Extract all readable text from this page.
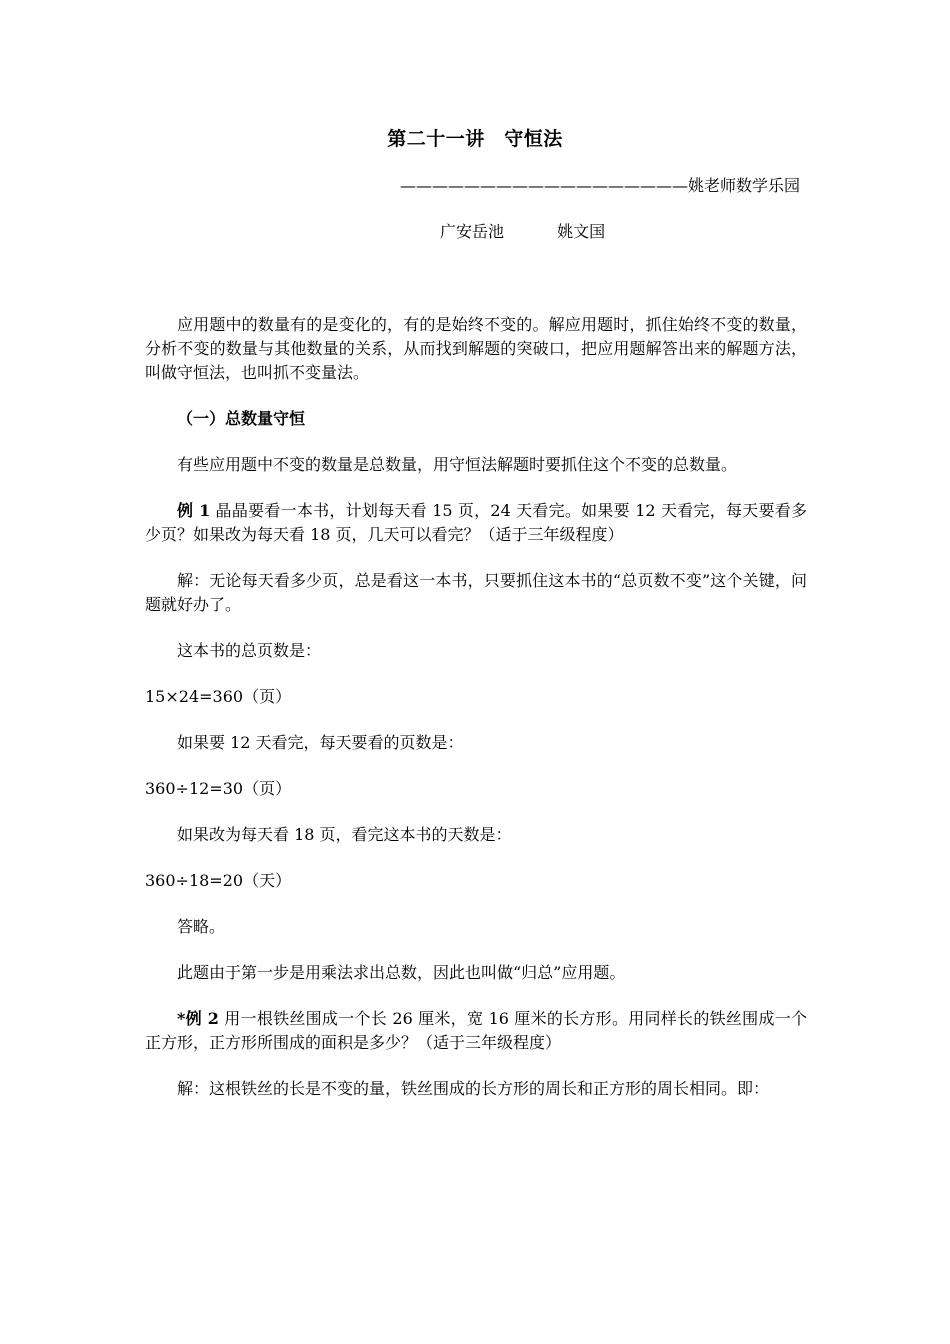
第二十一讲　守恒法
——————————————————姚老师数学乐园
广安岳池	姚文国

应用题中的数量有的是变化的，有的是始终不变的。解应用题时，抓住始终不变的数量，分析不变的数量与其他数量的关系，从而找到解题的突破口，把应用题解答出来的解题方法，叫做守恒法，也叫抓不变量法。

（一）总数量守恒

有些应用题中不变的数量是总数量，用守恒法解题时要抓住这个不变的总数量。

例 1 晶晶要看一本书，计划每天看 15 页，24 天看完。如果要 12 天看完，每天要看多少页？如果改为每天看 18 页，几天可以看完？（适于三年级程度）

解：无论每天看多少页，总是看这一本书，只要抓住这本书的“总页数不变”这个关键，问题就好办了。

这本书的总页数是：

15×24=360（页）

如果要 12 天看完，每天要看的页数是：

360÷12=30（页）

如果改为每天看 18 页，看完这本书的天数是：

360÷18=20（天）

答略。

此题由于第一步是用乘法求出总数，因此也叫做“归总”应用题。

*例 2 用一根铁丝围成一个长 26 厘米，宽 16 厘米的长方形。用同样长的铁丝围成一个正方形，正方形所围成的面积是多少？（适于三年级程度）

解：这根铁丝的长是不变的量，铁丝围成的长方形的周长和正方形的周长相同。即：
